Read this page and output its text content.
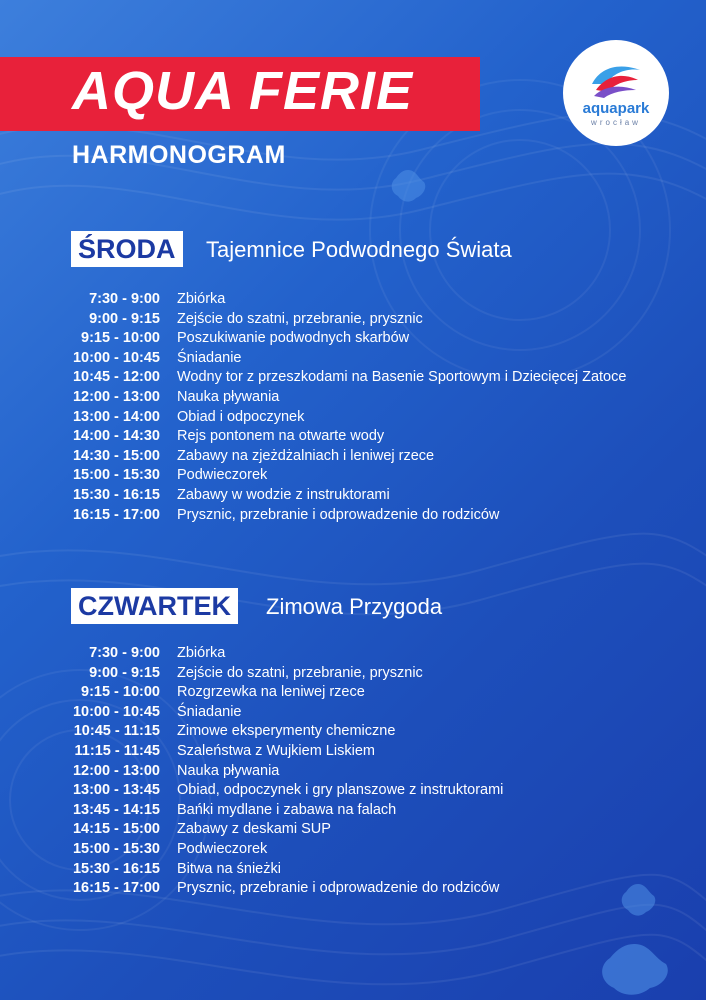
AQUA FERIE
HARMONOGRAM
aquapark
wrocław
ŚRODA	Tajemnice Podwodnego Świata
7:30 - 9:00 Zbiórka
9:00 - 9:15 Zejście do szatni, przebranie, prysznic
9:15 - 10:00 Poszukiwanie podwodnych skarbów
10:00 - 10:45 Śniadanie
10:45 - 12:00 Wodny tor z przeszkodami na Basenie Sportowym i Dziecięcej Zatoce
12:00 - 13:00 Nauka pływania
13:00 - 14:00 Obiad i odpoczynek
14:00 - 14:30 Rejs pontonem na otwarte wody
14:30 - 15:00 Zabawy na zjeżdżalniach i leniwej rzece
15:00 - 15:30 Podwieczorek
15:30 - 16:15 Zabawy w wodzie z instruktorami
16:15 - 17:00 Prysznic, przebranie i odprowadzenie do rodziców
CZWARTEK	Zimowa Przygoda
7:30 - 9:00 Zbiórka
9:00 - 9:15 Zejście do szatni, przebranie, prysznic
9:15 - 10:00 Rozgrzewka na leniwej rzece
10:00 - 10:45 Śniadanie
10:45 - 11:15 Zimowe eksperymenty chemiczne
11:15 - 11:45 Szaleństwa z Wujkiem Liskiem
12:00 - 13:00 Nauka pływania
13:00 - 13:45 Obiad, odpoczynek i gry planszowe z instruktorami
13:45 - 14:15 Bańki mydlane i zabawa na falach
14:15 - 15:00 Zabawy z deskami SUP
15:00 - 15:30 Podwieczorek
15:30 - 16:15 Bitwa na śnieżki
16:15 - 17:00 Prysznic, przebranie i odprowadzenie do rodziców
